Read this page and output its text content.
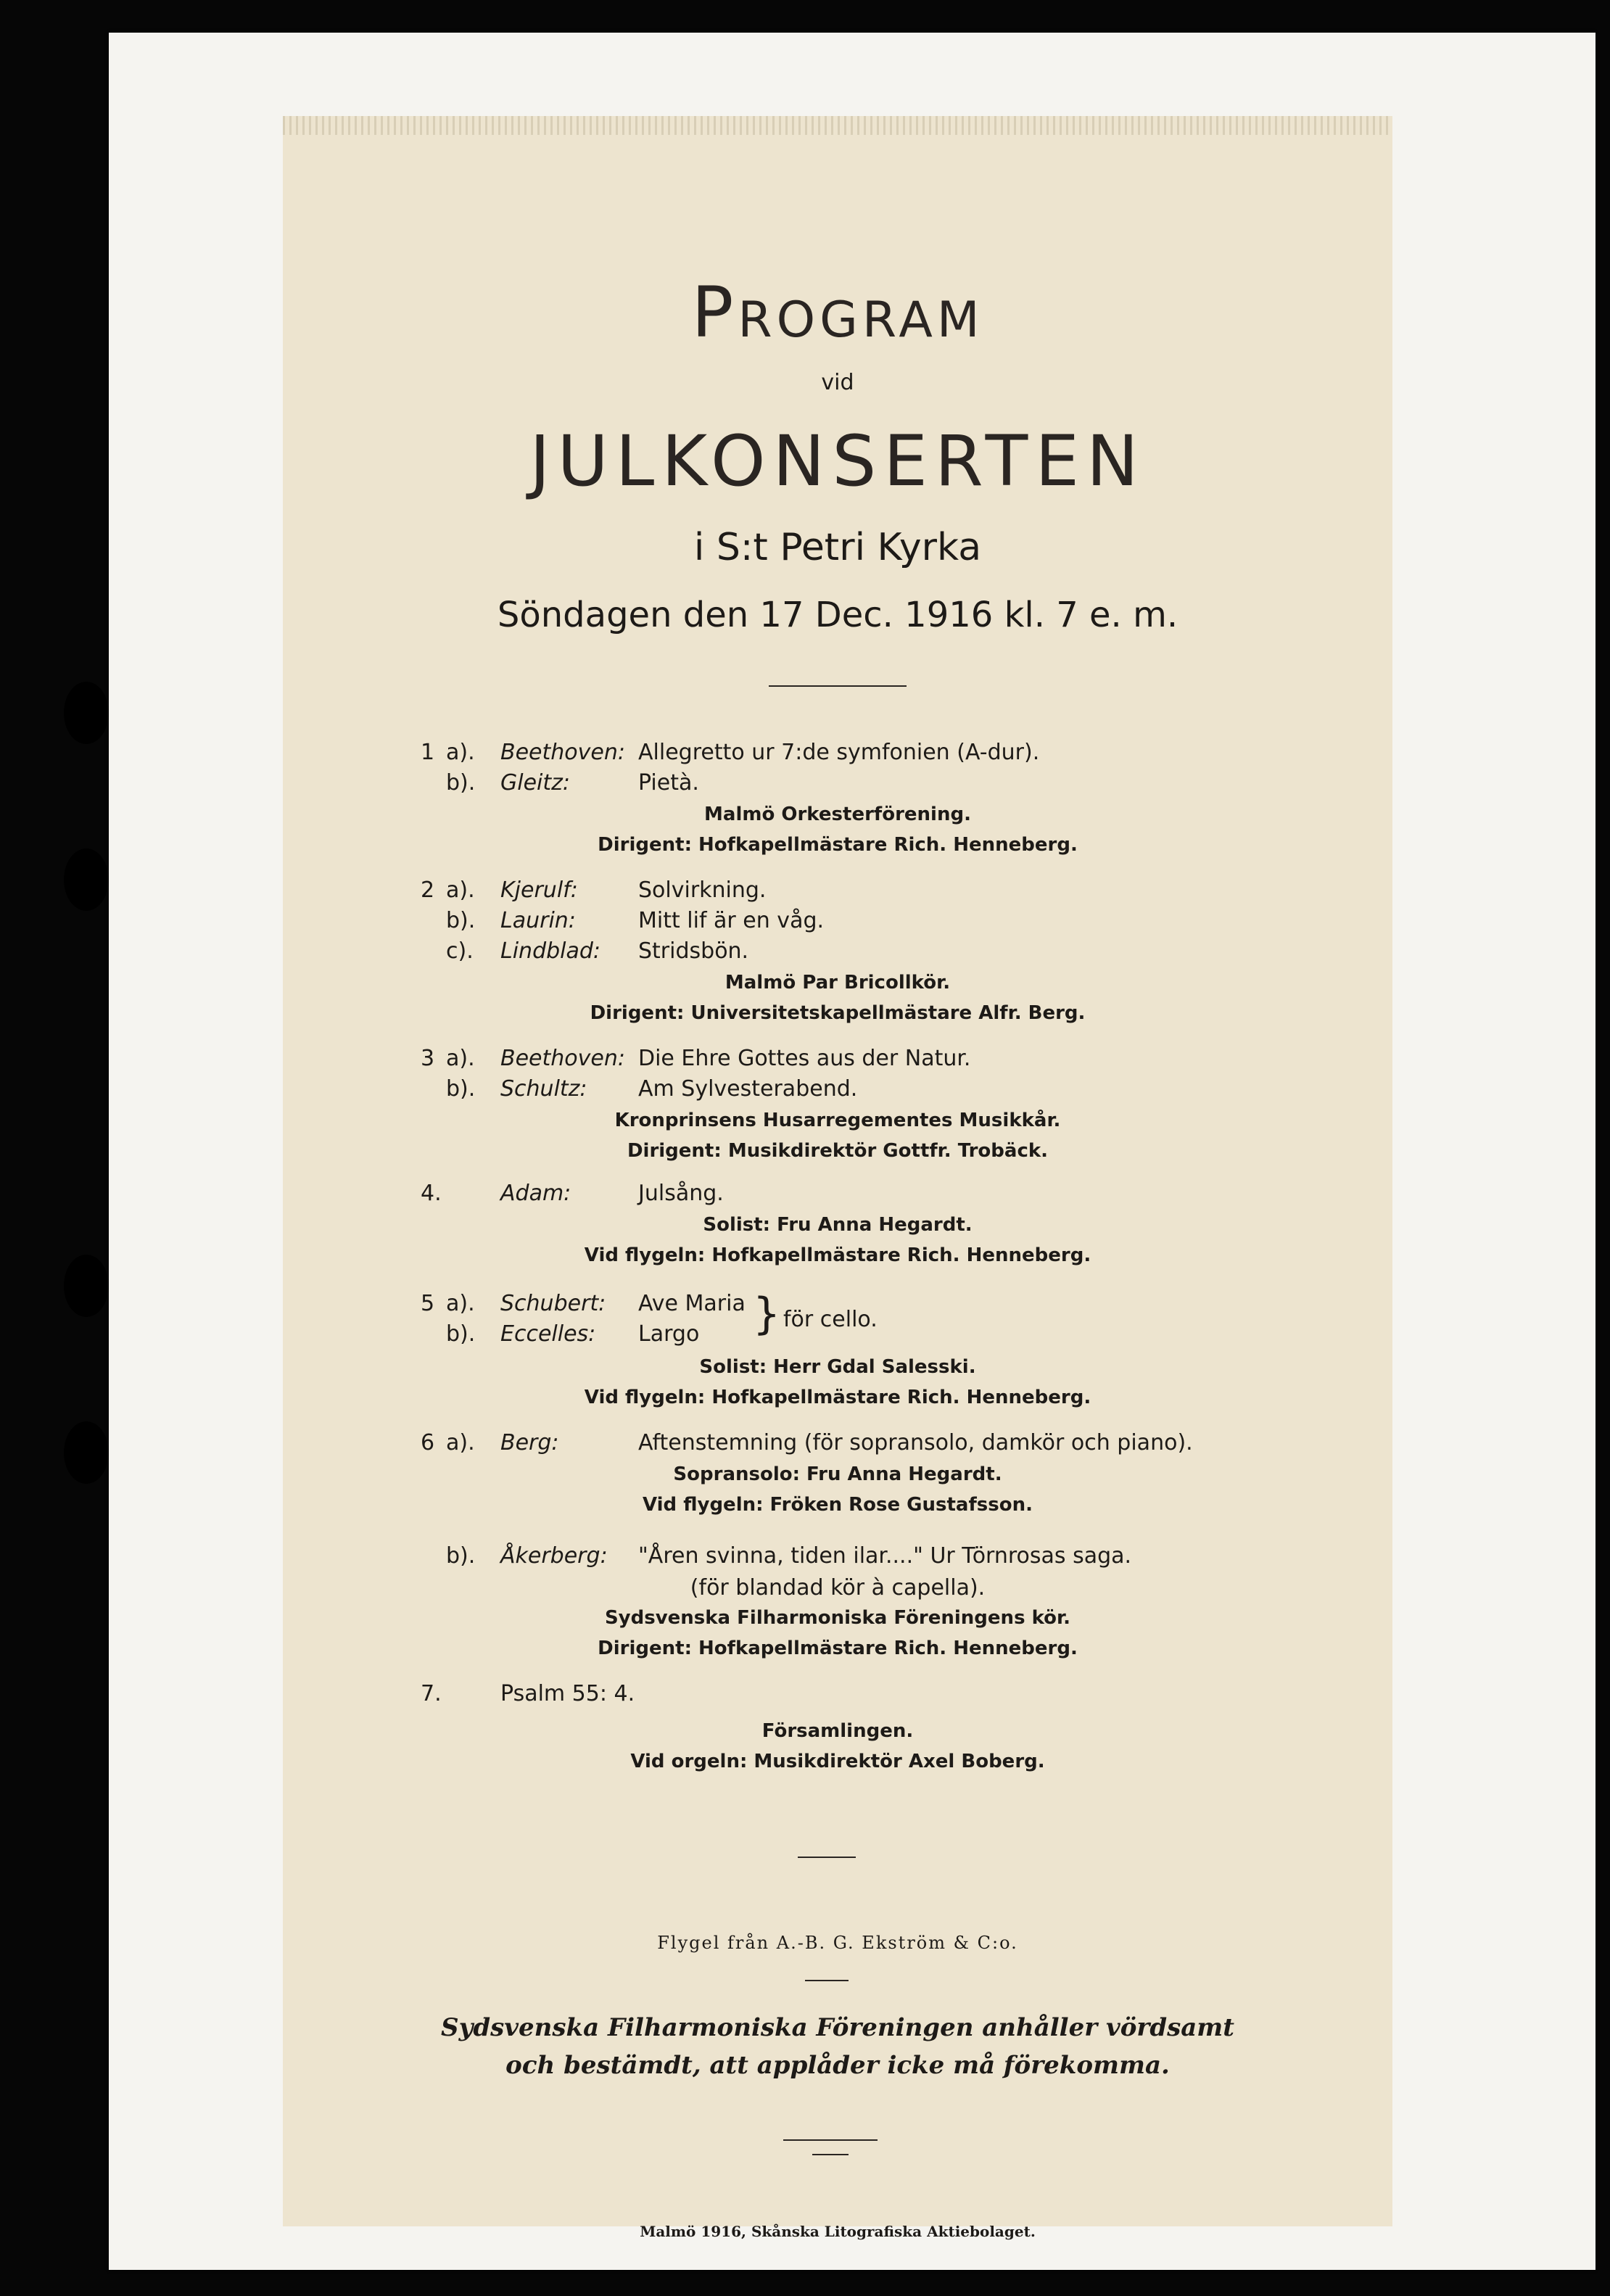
PROGRAM
vid
JULKONSERTEN
i S:t Petri Kyrka
Söndagen den 17 Dec. 1916 kl. 7 e. m.
1 a). Beethoven: Allegretto ur 7:de symfonien (A-dur).
b). Gleitz:	Pietà.
Malmö Orkesterförening.
Dirigent: Hofkapellmästare Rich. Henneberg.
2 a). Kjerulf:	Solvirkning.
b). Laurin:	Mitt lif är en våg.
c). Lindblad: Stridsbön.
Malmö Par Bricollkör.
Dirigent: Universitetskapellmästare Alfr. Berg.
3 a). Beethoven: Die Ehre Gottes aus der Natur.
b). Schultz: Am Sylvesterabend.
Kronprinsens Husarregementes Musikkår.
Dirigent: Musikdirektör Gottfr. Trobäck.
4.	Adam:	Julsång.
Solist: Fru Anna Hegardt.
Vid flygeln: Hofkapellmästare Rich. Henneberg.
5 a). Schubert: Ave Maria
b). Eccelles: Largo } för cello.
Solist: Herr Gdal Salesski.
Vid flygeln: Hofkapellmästare Rich. Henneberg.
6 a). Berg:	Aftenstemning (för sopransolo, damkör och piano).
Sopransolo: Fru Anna Hegardt.
Vid flygeln: Fröken Rose Gustafsson.
b). Åkerberg: "Åren svinna, tiden ilar...." Ur Törnrosas saga.
(för blandad kör à capella).
Sydsvenska Filharmoniska Föreningens kör.
Dirigent: Hofkapellmästare Rich. Henneberg.
7.	Psalm 55: 4.
Församlingen.
Vid orgeln: Musikdirektör Axel Boberg.
Flygel från A.-B. G. Ekström & C:o.
Sydsvenska Filharmoniska Föreningen anhåller vördsamt och bestämdt, att applåder icke må förekomma.
Malmö 1916, Skånska Litografiska Aktiebolaget.
